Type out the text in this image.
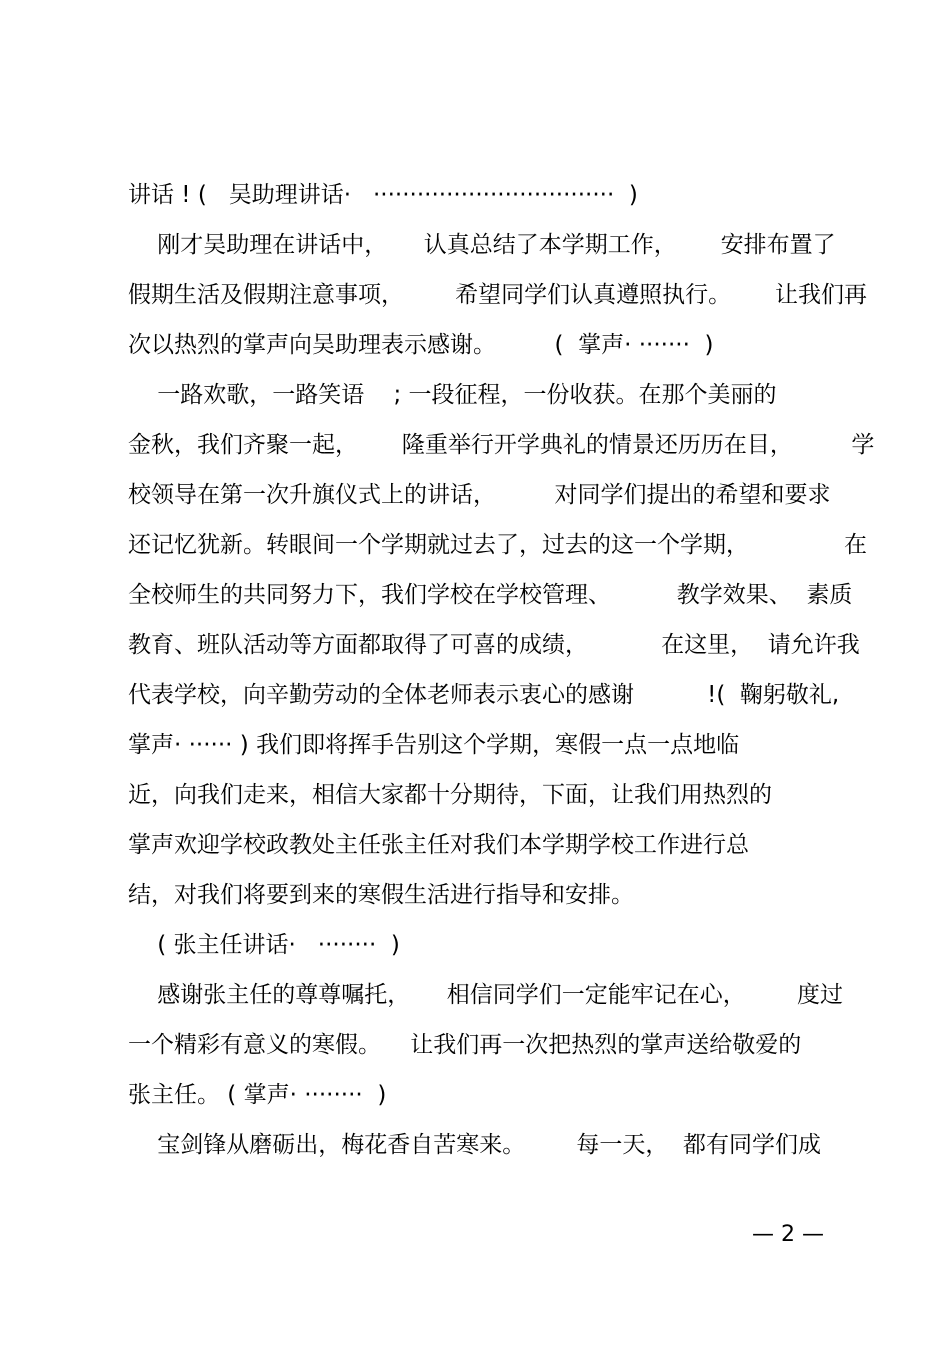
讲话 ! (   吴助理讲话·   ·································  )
刚才吴助理在讲话中，     认真总结了本学期工作，      安排布置了
假期生活及假期注意事项，       希望同学们认真遵照执行。      让我们再
次以热烈的掌声向吴助理表示感谢。        (  掌声· ·······  )
一路欢歌，一路笑语    ; 一段征程，一份收获。在那个美丽的
金秋，我们齐聚一起，      隆重举行开学典礼的情景还历历在目，        学
校领导在第一次升旗仪式上的讲话，        对同学们提出的希望和要求
还记忆犹新。转眼间一个学期就过去了，过去的这一个学期，             在
全校师生的共同努力下，我们学校在学校管理、         教学效果、  素质
教育、班队活动等方面都取得了可喜的成绩，          在这里，  请允许我
代表学校，向辛勤劳动的全体老师表示衷心的感谢          !(  鞠躬敬礼,
掌声· ······ ) 我们即将挥手告别这个学期，寒假一点一点地临
近，向我们走来，相信大家都十分期待，下面，让我们用热烈的
掌声欢迎学校政教处主任张主任对我们本学期学校工作进行总
结，对我们将要到来的寒假生活进行指导和安排。
( 张主任讲话·   ········  )
感谢张主任的尊尊嘱托，     相信同学们一定能牢记在心，       度过
一个精彩有意义的寒假。    让我们再一次把热烈的掌声送给敬爱的
张主任。 ( 掌声· ········  )
宝剑锋从磨砺出，梅花香自苦寒来。       每一天，  都有同学们成
— 2 —
